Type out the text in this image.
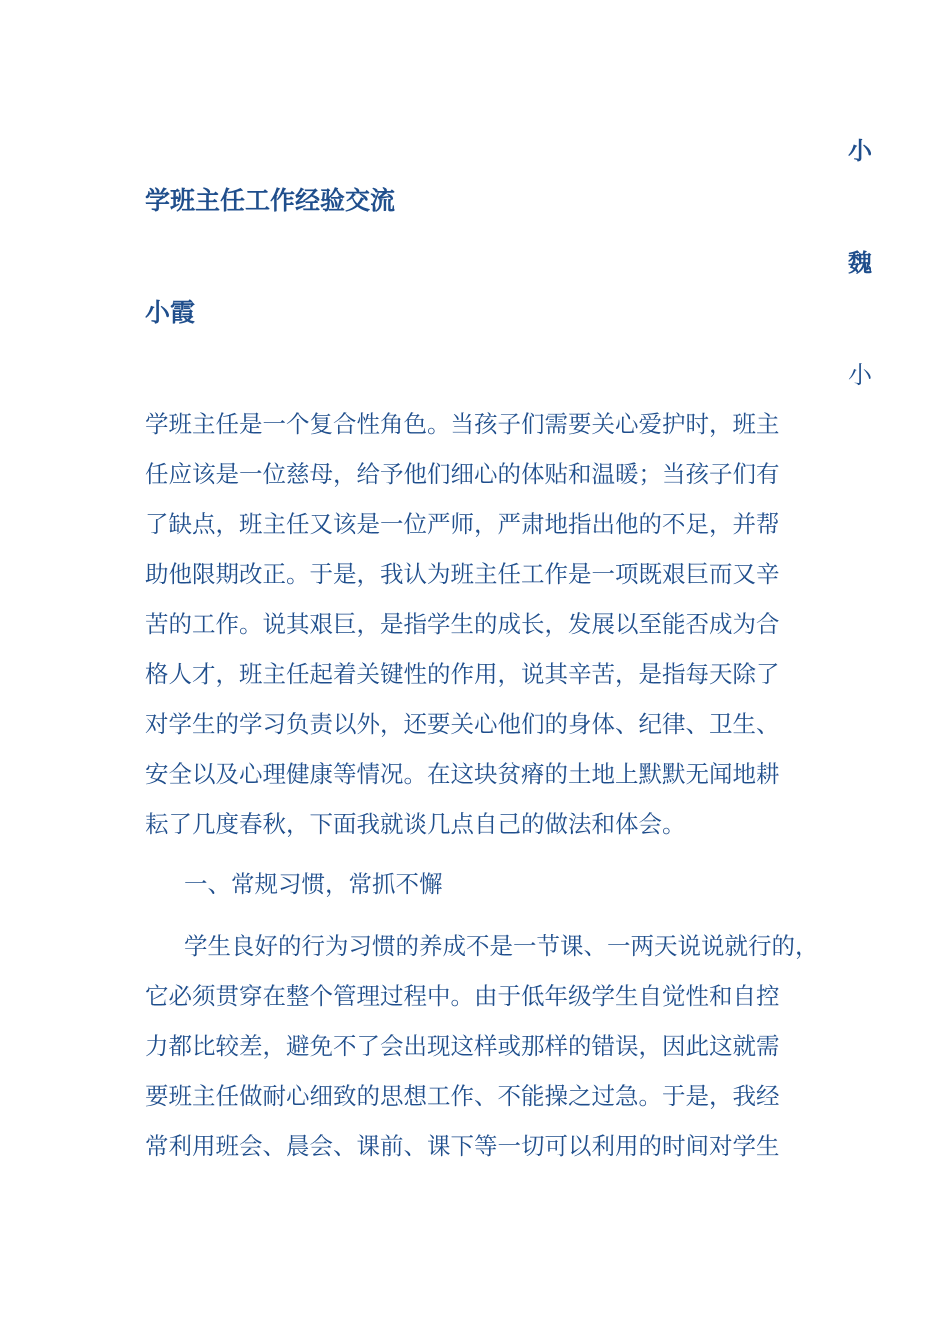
小
魏
小
学班主任工作经验交流
小霞

学班主任是一个复合性角色。当孩子们需要关心爱护时，班主

任应该是一位慈母，给予他们细心的体贴和温暖；当孩子们有

了缺点，班主任又该是一位严师，严肃地指出他的不足，并帮

助他限期改正。于是，我认为班主任工作是一项既艰巨而又辛

苦的工作。说其艰巨，是指学生的成长，发展以至能否成为合

格人才，班主任起着关键性的作用，说其辛苦，是指每天除了

对学生的学习负责以外，还要关心他们的身体、纪律、卫生、

安全以及心理健康等情况。在这块贫瘠的土地上默默无闻地耕

耘了几度春秋，下面我就谈几点自己的做法和体会。

一、常规习惯，常抓不懈

学生良好的行为习惯的养成不是一节课、一两天说说就行的，

它必须贯穿在整个管理过程中。由于低年级学生自觉性和自控

力都比较差，避免不了会出现这样或那样的错误，因此这就需

要班主任做耐心细致的思想工作、不能操之过急。于是，我经

常利用班会、晨会、课前、课下等一切可以利用的时间对学生
